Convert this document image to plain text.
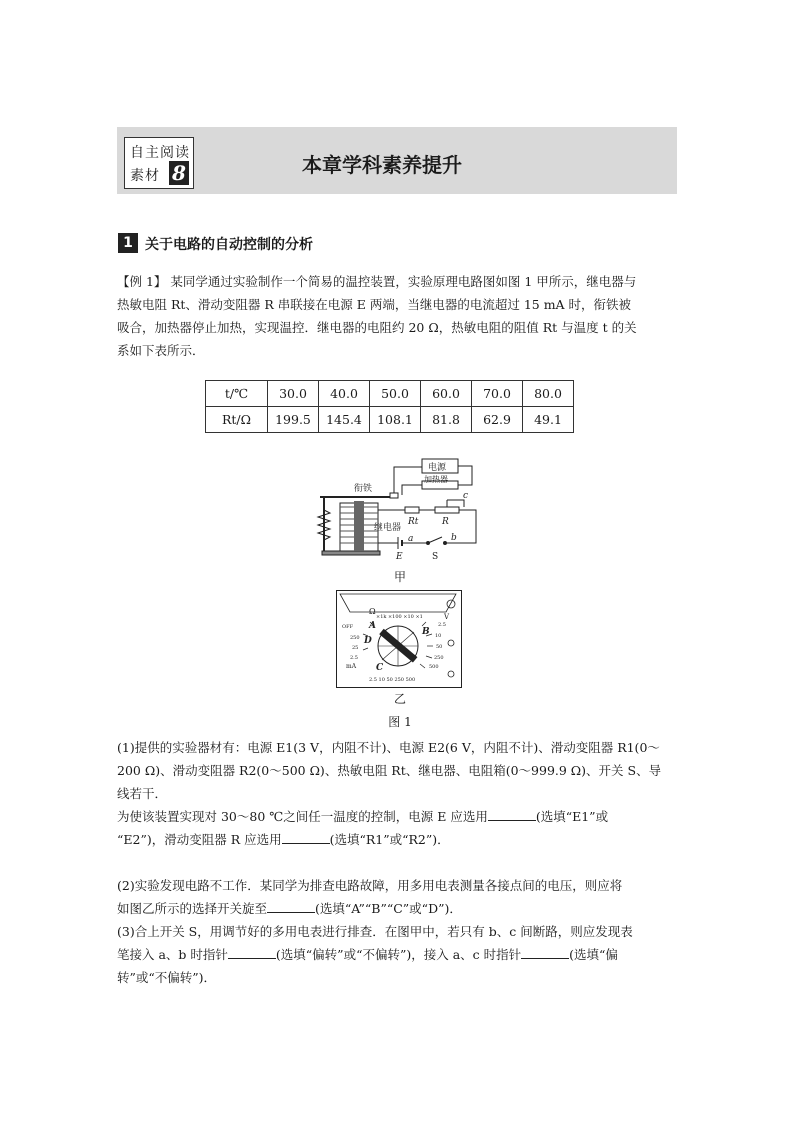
自主阅读
素材 8	本章学科素养提升
1 关于电路的自动控制的分析
【例 1】 某同学通过实验制作一个简易的温控装置，实验原理电路图如图 1 甲所示，继电器与
热敏电阻 Rt、滑动变阻器 R 串联接在电源 E 两端，当继电器的电流超过 15 mA 时，衔铁被
吸合，加热器停止加热，实现温控．继电器的电阻约 20 Ω，热敏电阻的阻值 Rt 与温度 t 的关
系如下表所示．
t/℃	30.0	40.0	50.0	60.0	70.0	80.0
Rt/Ω	199.5	145.4	108.1	81.8	62.9	49.1
电源
加热器
衔铁
继电器
Rt	R
c
a	b
E	S
甲
Ω
×1k ×100 ×10 ×1	V
OFF
250
25
2.5
mA
2.5
10
50
250
500
2.5 10 50 250 500
A
B
C
D
乙
图 1
(1)提供的实验器材有：电源 E1(3 V，内阻不计)、电源 E2(6 V，内阻不计)、滑动变阻器 R1(0～
200 Ω)、滑动变阻器 R2(0～500 Ω)、热敏电阻 Rt、继电器、电阻箱(0～999.9 Ω)、开关 S、导
线若干．
为使该装置实现对 30～80 ℃之间任一温度的控制，电源 E 应选用	(选填“E1”或
“E2”)，滑动变阻器 R 应选用	(选填“R1”或“R2”)．
(2)实验发现电路不工作．某同学为排查电路故障，用多用电表测量各接点间的电压，则应将
如图乙所示的选择开关旋至	(选填“A”“B”“C”或“D”)．
(3)合上开关 S，用调节好的多用电表进行排查．在图甲中，若只有 b、c 间断路，则应发现表
笔接入 a、b 时指针	(选填“偏转”或“不偏转”)，接入 a、c 时指针	(选填“偏
转”或“不偏转”)．
